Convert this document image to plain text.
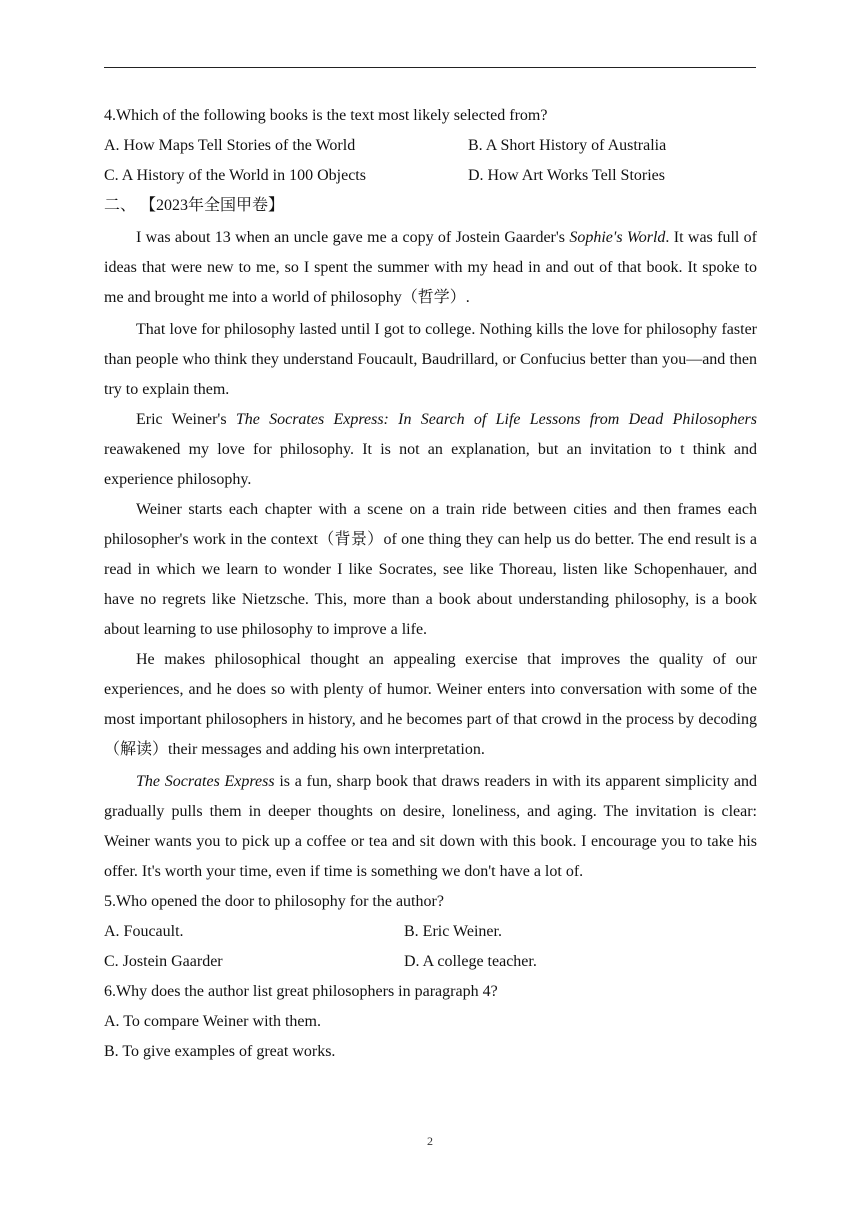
4.Which of the following books is the text most likely selected from?
A. How Maps Tell Stories of the World	B. A Short History of Australia
C. A History of the World in 100 Objects	D. How Art Works Tell Stories
二、 【2023年全国甲卷】

I was about 13 when an uncle gave me a copy of Jostein Gaarder's Sophie's World. It was full of ideas that were new to me, so I spent the summer with my head in and out of that book. It spoke to me and brought me into a world of philosophy（哲学）.

That love for philosophy lasted until I got to college. Nothing kills the love for philosophy faster than people who think they understand Foucault, Baudrillard, or Confucius better than you—and then try to explain them.

Eric Weiner's The Socrates Express: In Search of Life Lessons from Dead Philosophers reawakened my love for philosophy. It is not an explanation, but an invitation to t think and experience philosophy.

Weiner starts each chapter with a scene on a train ride between cities and then frames each philosopher's work in the context（背景）of one thing they can help us do better. The end result is a read in which we learn to wonder I like Socrates, see like Thoreau, listen like Schopenhauer, and have no regrets like Nietzsche. This, more than a book about understanding philosophy, is a book about learning to use philosophy to improve a life.

He makes philosophical thought an appealing exercise that improves the quality of our experiences, and he does so with plenty of humor. Weiner enters into conversation with some of the most important philosophers in history, and he becomes part of that crowd in the process by decoding（解读）their messages and adding his own interpretation.

The Socrates Express is a fun, sharp book that draws readers in with its apparent simplicity and gradually pulls them in deeper thoughts on desire, loneliness, and aging. The invitation is clear: Weiner wants you to pick up a coffee or tea and sit down with this book. I encourage you to take his offer. It's worth your time, even if time is something we don't have a lot of.

5.Who opened the door to philosophy for the author?
A. Foucault.	B. Eric Weiner.
C. Jostein Gaarder	D. A college teacher.
6.Why does the author list great philosophers in paragraph 4?
A. To compare Weiner with them.
B. To give examples of great works.
2
